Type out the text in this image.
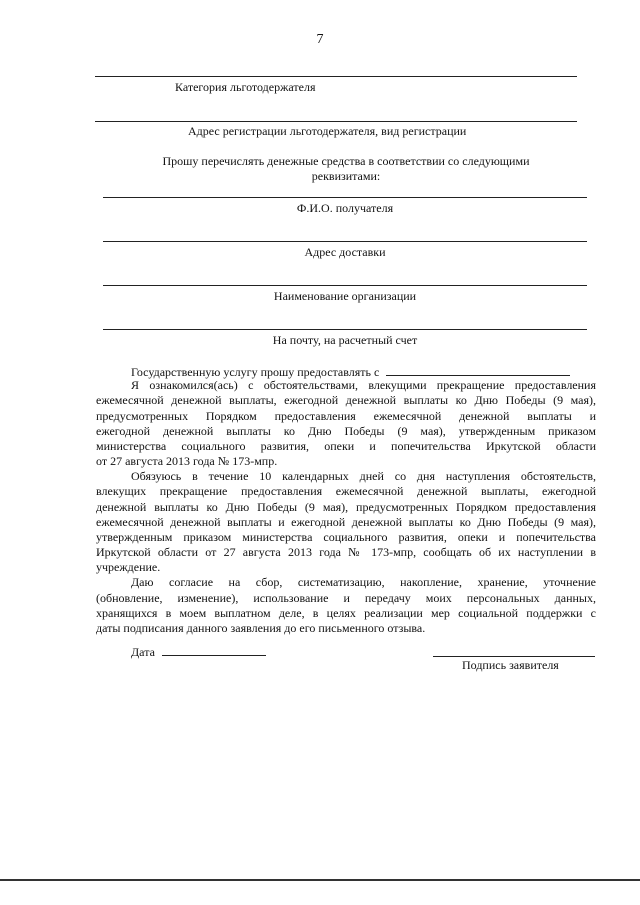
7
Категория льготодержателя
Адрес регистрации льготодержателя, вид регистрации
Прошу перечислять денежные средства в соответствии со следующими
реквизитами:
Ф.И.О. получателя
Адрес доставки
Наименование организации
На почту, на расчетный счет
Государственную услугу прошу предоставлять с
Я ознакомился(ась) с обстоятельствами, влекущими прекращение предоставления
ежемесячной денежной выплаты, ежегодной денежной выплаты ко Дню Победы (9 мая),
предусмотренных Порядком предоставления ежемесячной денежной выплаты и
ежегодной денежной выплаты ко Дню Победы (9 мая), утвержденным приказом
министерства социального развития, опеки и попечительства Иркутской области
от 27 августа 2013 года № 173-мпр.
Обязуюсь в течение 10 календарных дней со дня наступления обстоятельств,
влекущих прекращение предоставления ежемесячной денежной выплаты, ежегодной
денежной выплаты ко Дню Победы (9 мая), предусмотренных Порядком предоставления
ежемесячной денежной выплаты и ежегодной денежной выплаты ко Дню Победы (9 мая),
утвержденным приказом министерства социального развития, опеки и попечительства
Иркутской области от 27 августа 2013 года № 173-мпр, сообщать об их наступлении в
учреждение.
Даю согласие на сбор, систематизацию, накопление, хранение, уточнение
(обновление, изменение), использование и передачу моих персональных данных,
хранящихся в моем выплатном деле, в целях реализации мер социальной поддержки с
даты подписания данного заявления до его письменного отзыва.
Дата
Подпись заявителя
